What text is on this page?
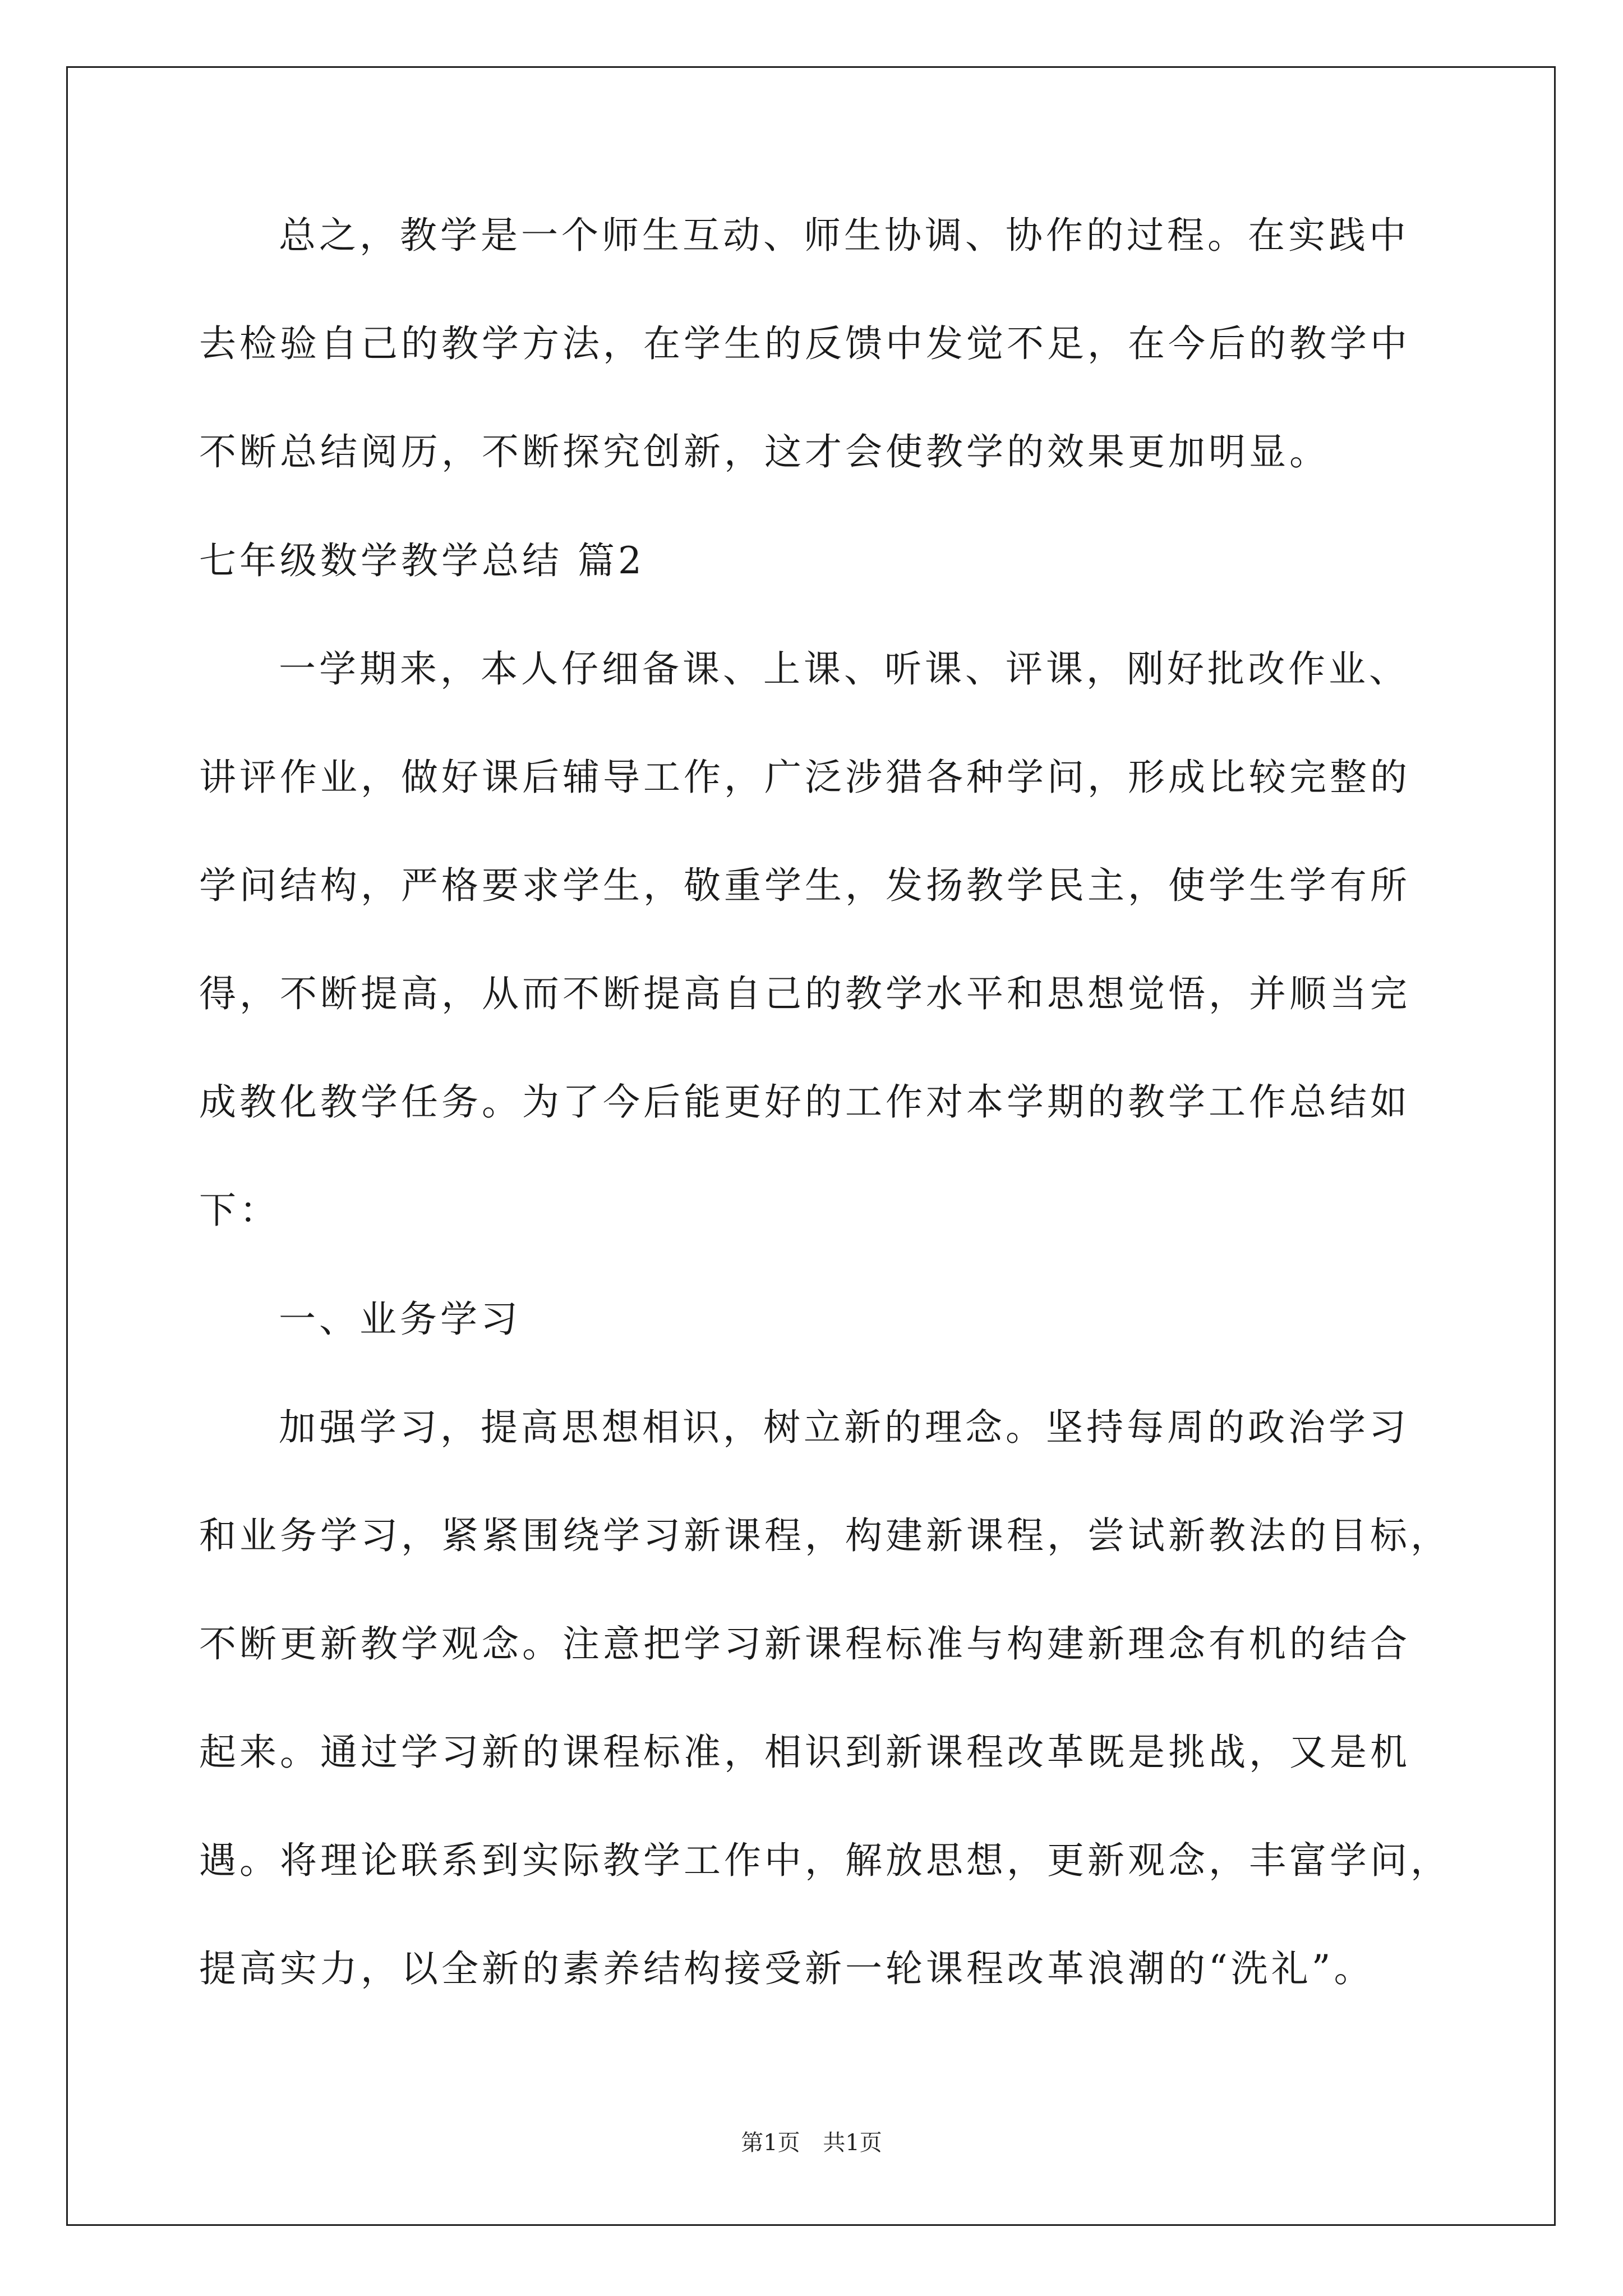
总之，教学是一个师生互动、师生协调、协作的过程。在实践中
去检验自己的教学方法，在学生的反馈中发觉不足，在今后的教学中
不断总结阅历，不断探究创新，这才会使教学的效果更加明显。
七年级数学教学总结 篇2
一学期来，本人仔细备课、上课、听课、评课，刚好批改作业、
讲评作业，做好课后辅导工作，广泛涉猎各种学问，形成比较完整的
学问结构，严格要求学生，敬重学生，发扬教学民主，使学生学有所
得，不断提高，从而不断提高自己的教学水平和思想觉悟，并顺当完
成教化教学任务。为了今后能更好的工作对本学期的教学工作总结如
下：
一、业务学习
加强学习，提高思想相识，树立新的理念。坚持每周的政治学习
和业务学习，紧紧围绕学习新课程，构建新课程，尝试新教法的目标，
不断更新教学观念。注意把学习新课程标准与构建新理念有机的结合
起来。通过学习新的课程标准，相识到新课程改革既是挑战，又是机
遇。将理论联系到实际教学工作中，解放思想，更新观念，丰富学问，
提高实力，以全新的素养结构接受新一轮课程改革浪潮的“洗礼”。
第1页 共1页
